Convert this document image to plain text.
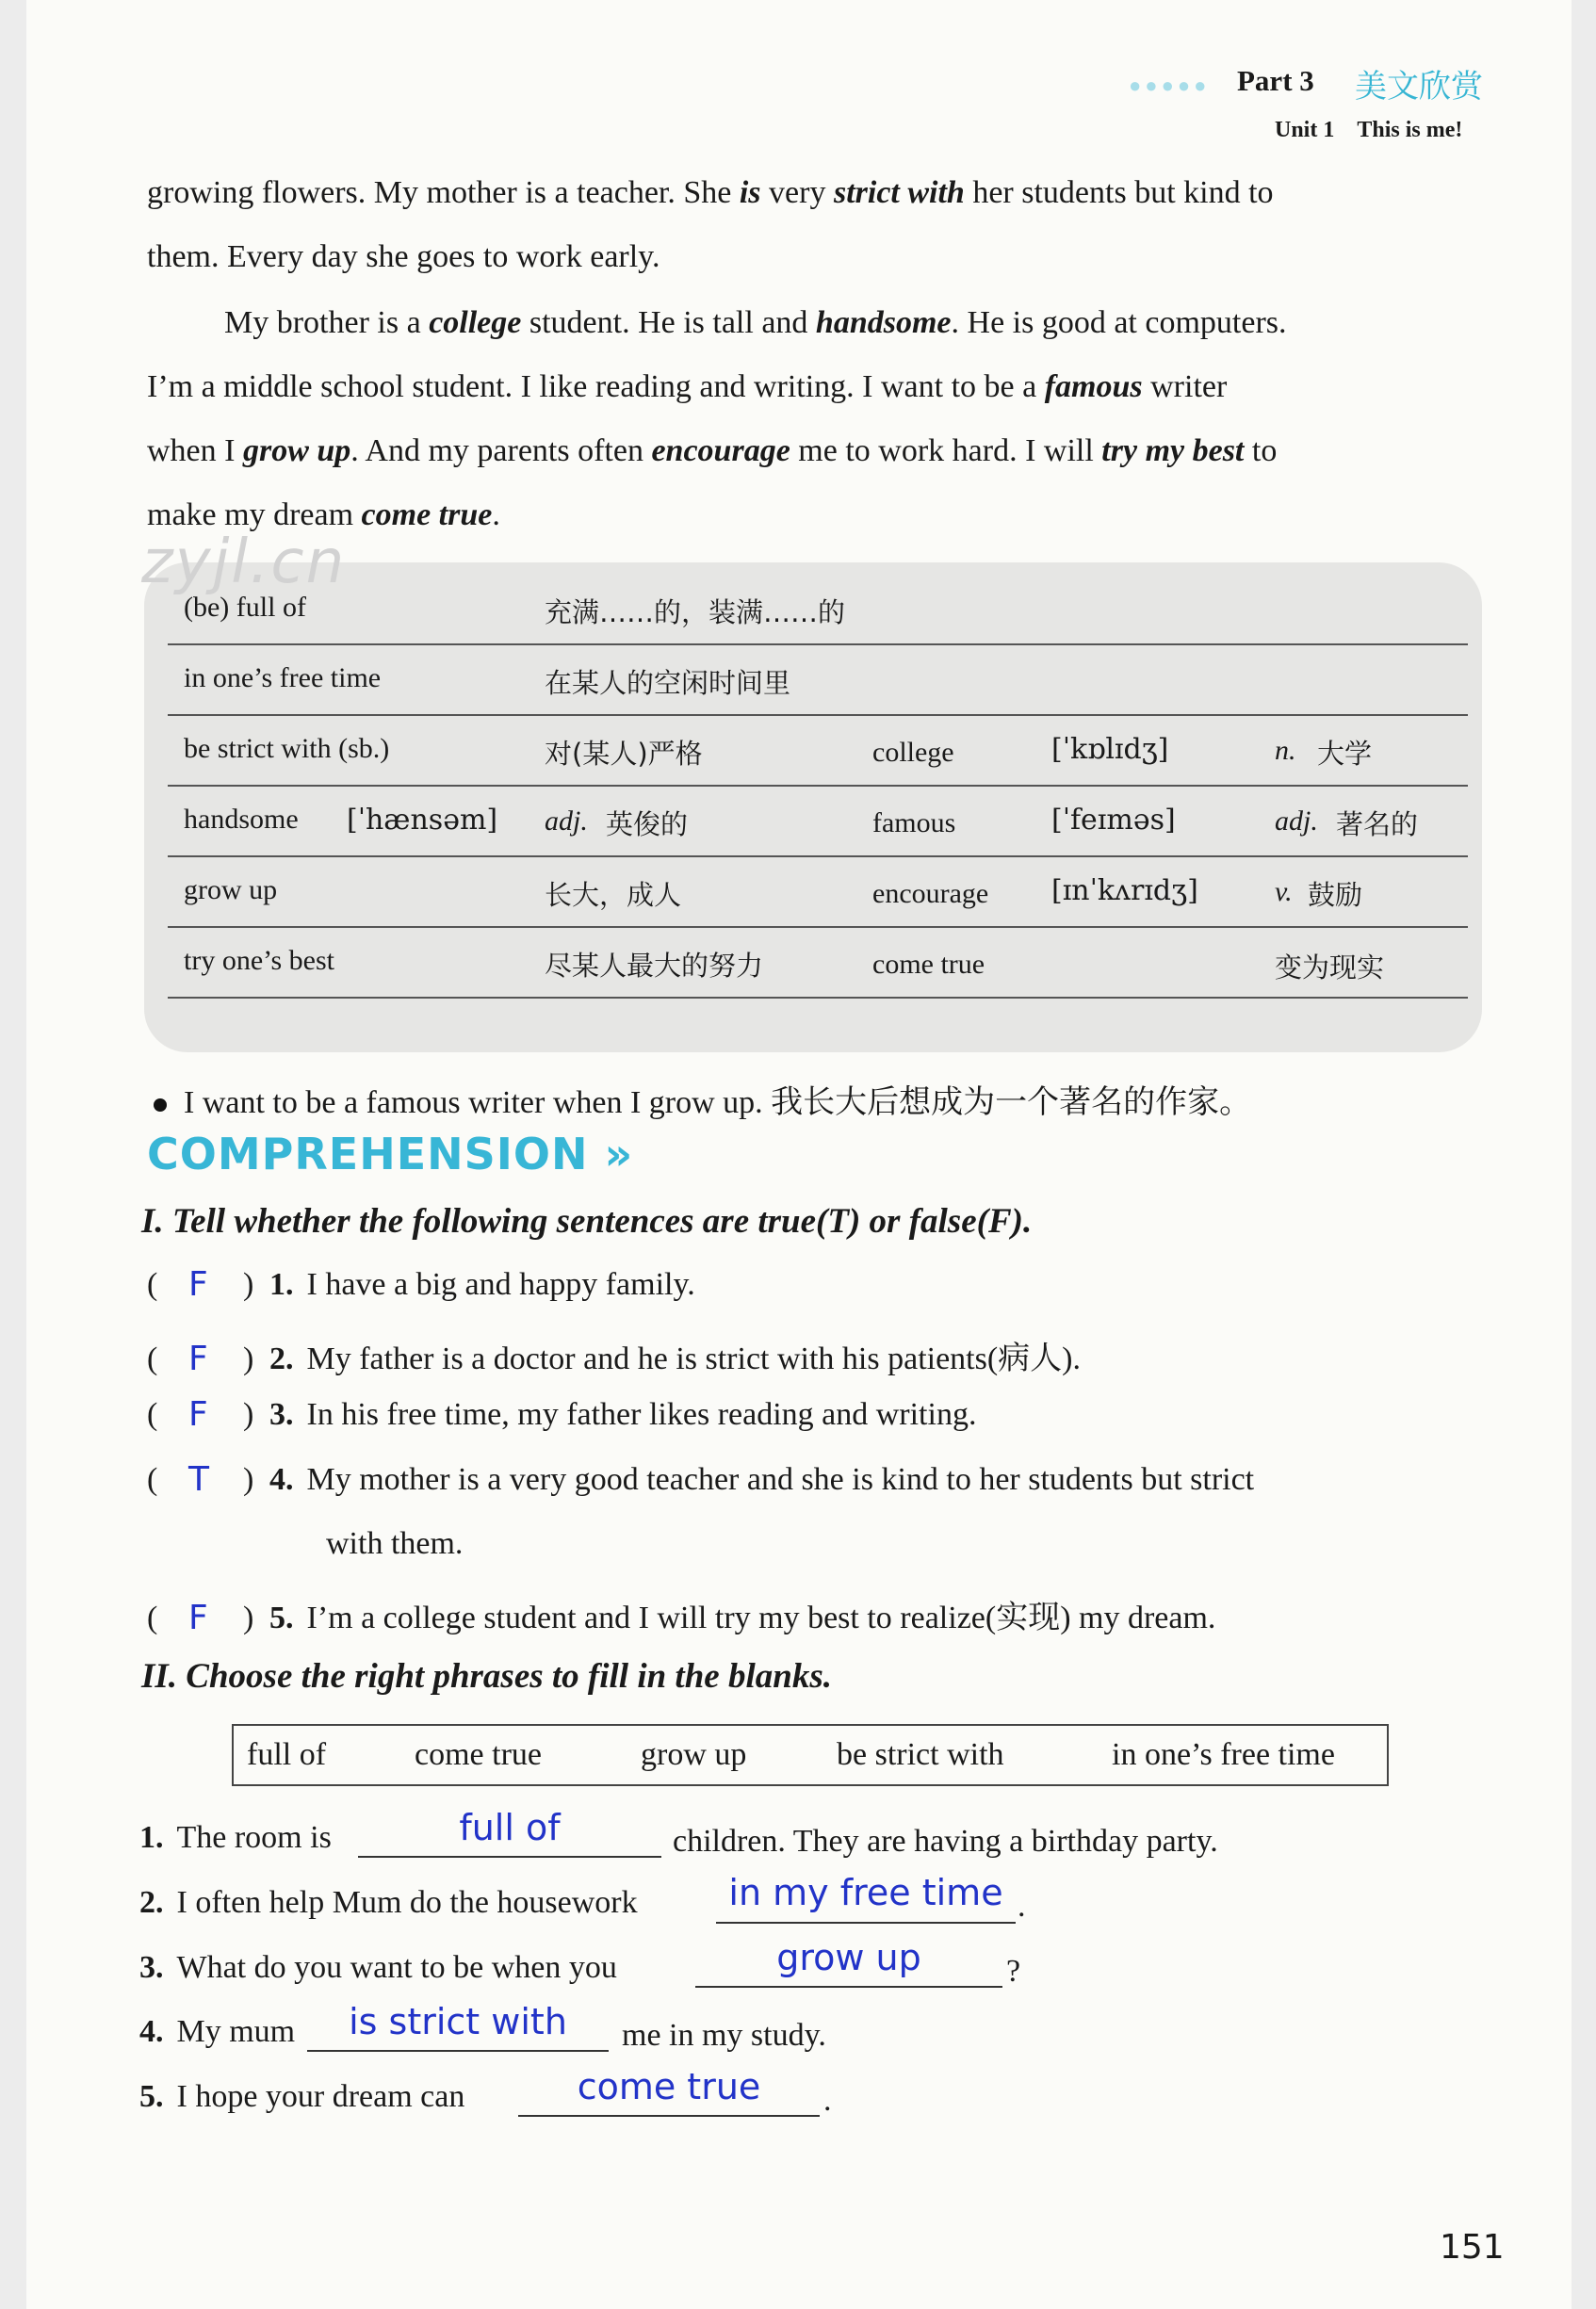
●●●●● Part 3 美文欣赏
Unit 1　This is me!
growing flowers. My mother is a teacher. She is very strict with her students but kind to
them. Every day she goes to work early.
My brother is a college student. He is tall and handsome. He is good at computers.
I’m a middle school student. I like reading and writing. I want to be a famous writer
when I grow up. And my parents often encourage me to work hard. I will try my best to
make my dream come true.
zyjl.cn
(be) full of	充满……的，装满……的
in one’s free time	在某人的空闲时间里
be strict with (sb.)	对(某人)严格	college	[ˈkɒlɪdʒ]	n. 大学
handsome [ˈhænsəm] adj. 英俊的	famous	[ˈfeɪməs]	adj. 著名的
grow up	长大，成人	encourage [ɪnˈkʌrɪdʒ]	v. 鼓励
try one’s best	尽某人最大的努力	come true	变为现实
I want to be a famous writer when I grow up. 我长大后想成为一个著名的作家。
COMPREHENSION »
I. Tell whether the following sentences are true(T) or false(F).
( F ) 1. I have a big and happy family.
( F ) 2. My father is a doctor and he is strict with his patients(病人).
( F ) 3. In his free time, my father likes reading and writing.
( T ) 4. My mother is a very good teacher and she is kind to her students but strict
with them.
( F ) 5. I’m a college student and I will try my best to realize(实现) my dream.
II. Choose the right phrases to fill in the blanks.
full of	come true	grow up	be strict with	in one’s free time
1. The room is	full of	children. They are having a birthday party.
2. I often help Mum do the housework	in my free time .
3. What do you want to be when you	grow up	?
4. My mum	is strict with	me in my study.
5. I hope your dream can	come true	.
151
